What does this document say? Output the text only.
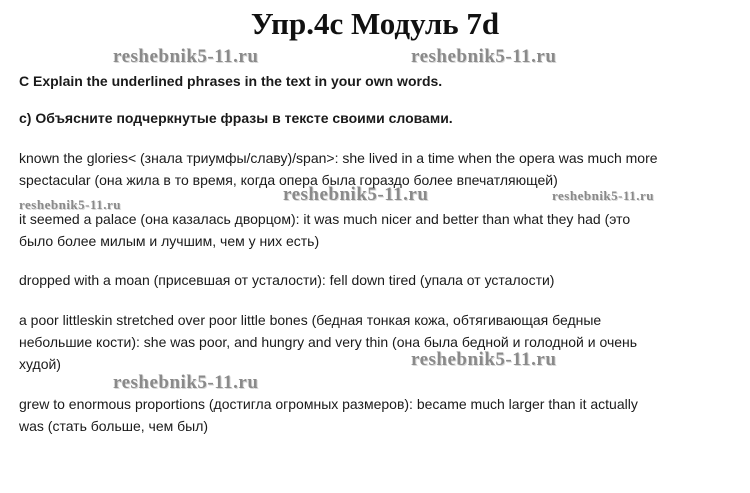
Упр.4с Модуль 7d
reshebnik5-11.ru	reshebnik5-11.ru
reshebnik5-11.ru	reshebnik5-11.ru
reshebnik5-11.ru
reshebnik5-11.ru
reshebnik5-11.ru
C Explain the underlined phrases in the text in your own words.
с) Объясните подчеркнутые фразы в тексте своими словами.
known the glories< (знала триумфы/славу)/span>: she lived in a time when the opera was much more
spectacular (она жила в то время, когда опера была гораздо более впечатляющей)
it seemed a palace (она казалась дворцом): it was much nicer and better than what they had (это
было более милым и лучшим, чем у них есть)
dropped with a moan (присевшая от усталости): fell down tired (упала от усталости)
a poor littleskin stretched over poor little bones (бедная тонкая кожа, обтягивающая бедные
небольшие кости): she was poor, and hungry and very thin (она была бедной и голодной и очень
худой)
grew to enormous proportions (достигла огромных размеров): became much larger than it actually
was (стать больше, чем был)
